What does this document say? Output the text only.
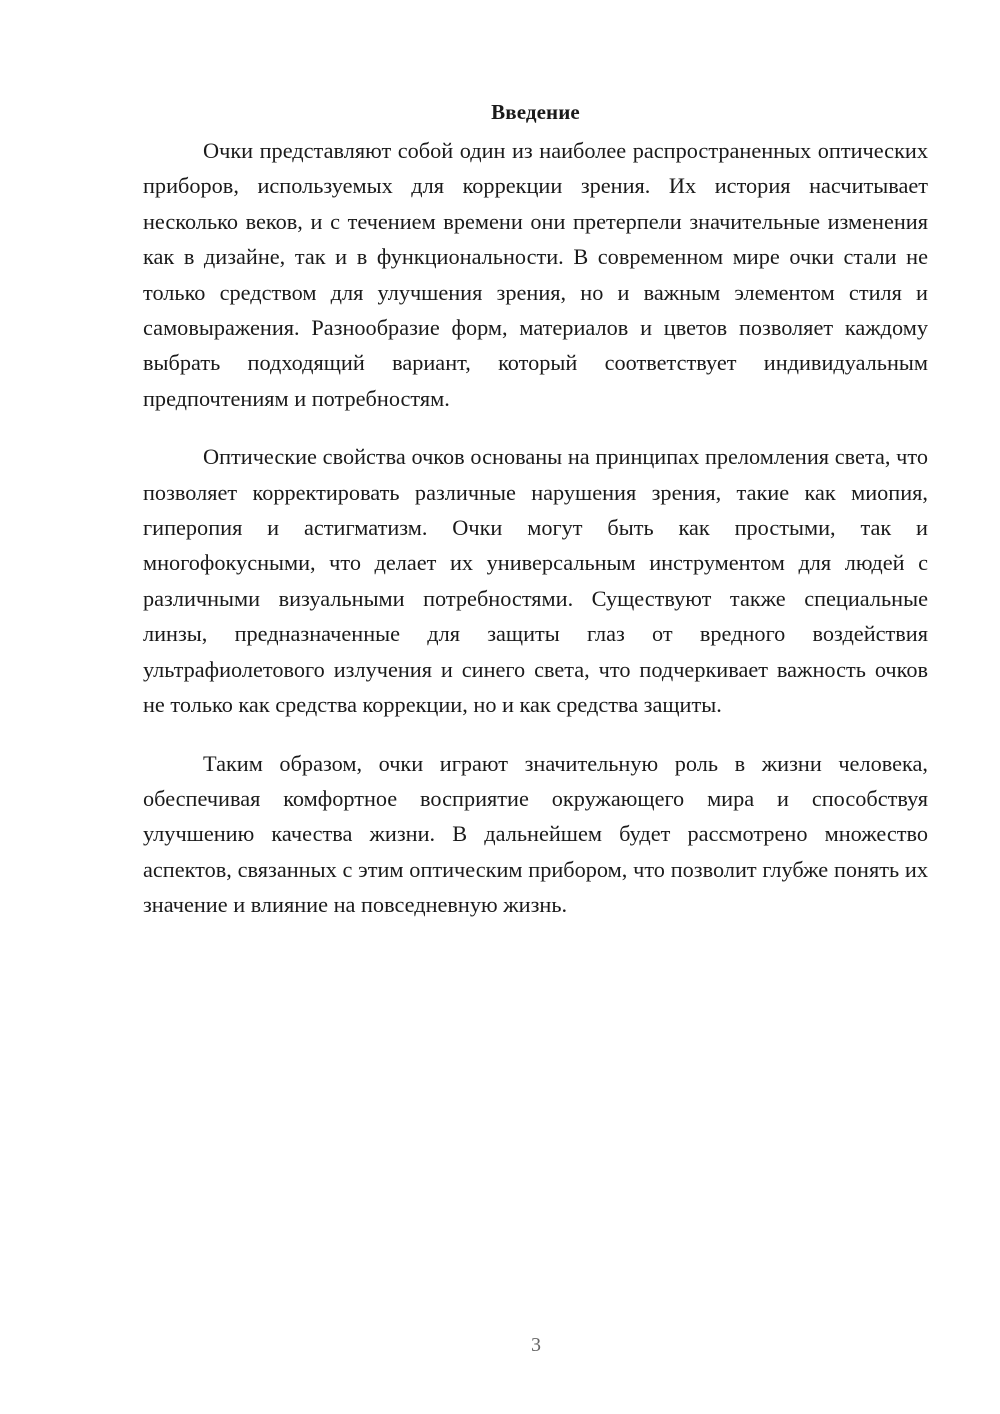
Введение

Очки представляют собой один из наиболее распространенных оптических приборов, используемых для коррекции зрения. Их история насчитывает несколько веков, и с течением времени они претерпели значительные изменения как в дизайне, так и в функциональности. В современном мире очки стали не только средством для улучшения зрения, но и важным элементом стиля и самовыражения. Разнообразие форм, материалов и цветов позволяет каждому выбрать подходящий вариант, который соответствует индивидуальным предпочтениям и потребностям.

Оптические свойства очков основаны на принципах преломления света, что позволяет корректировать различные нарушения зрения, такие как миопия, гиперопия и астигматизм. Очки могут быть как простыми, так и многофокусными, что делает их универсальным инструментом для людей с различными визуальными потребностями. Существуют также специальные линзы, предназначенные для защиты глаз от вредного воздействия ультрафиолетового излучения и синего света, что подчеркивает важность очков не только как средства коррекции, но и как средства защиты.

Таким образом, очки играют значительную роль в жизни человека, обеспечивая комфортное восприятие окружающего мира и способствуя улучшению качества жизни. В дальнейшем будет рассмотрено множество аспектов, связанных с этим оптическим прибором, что позволит глубже понять их значение и влияние на повседневную жизнь.

3
